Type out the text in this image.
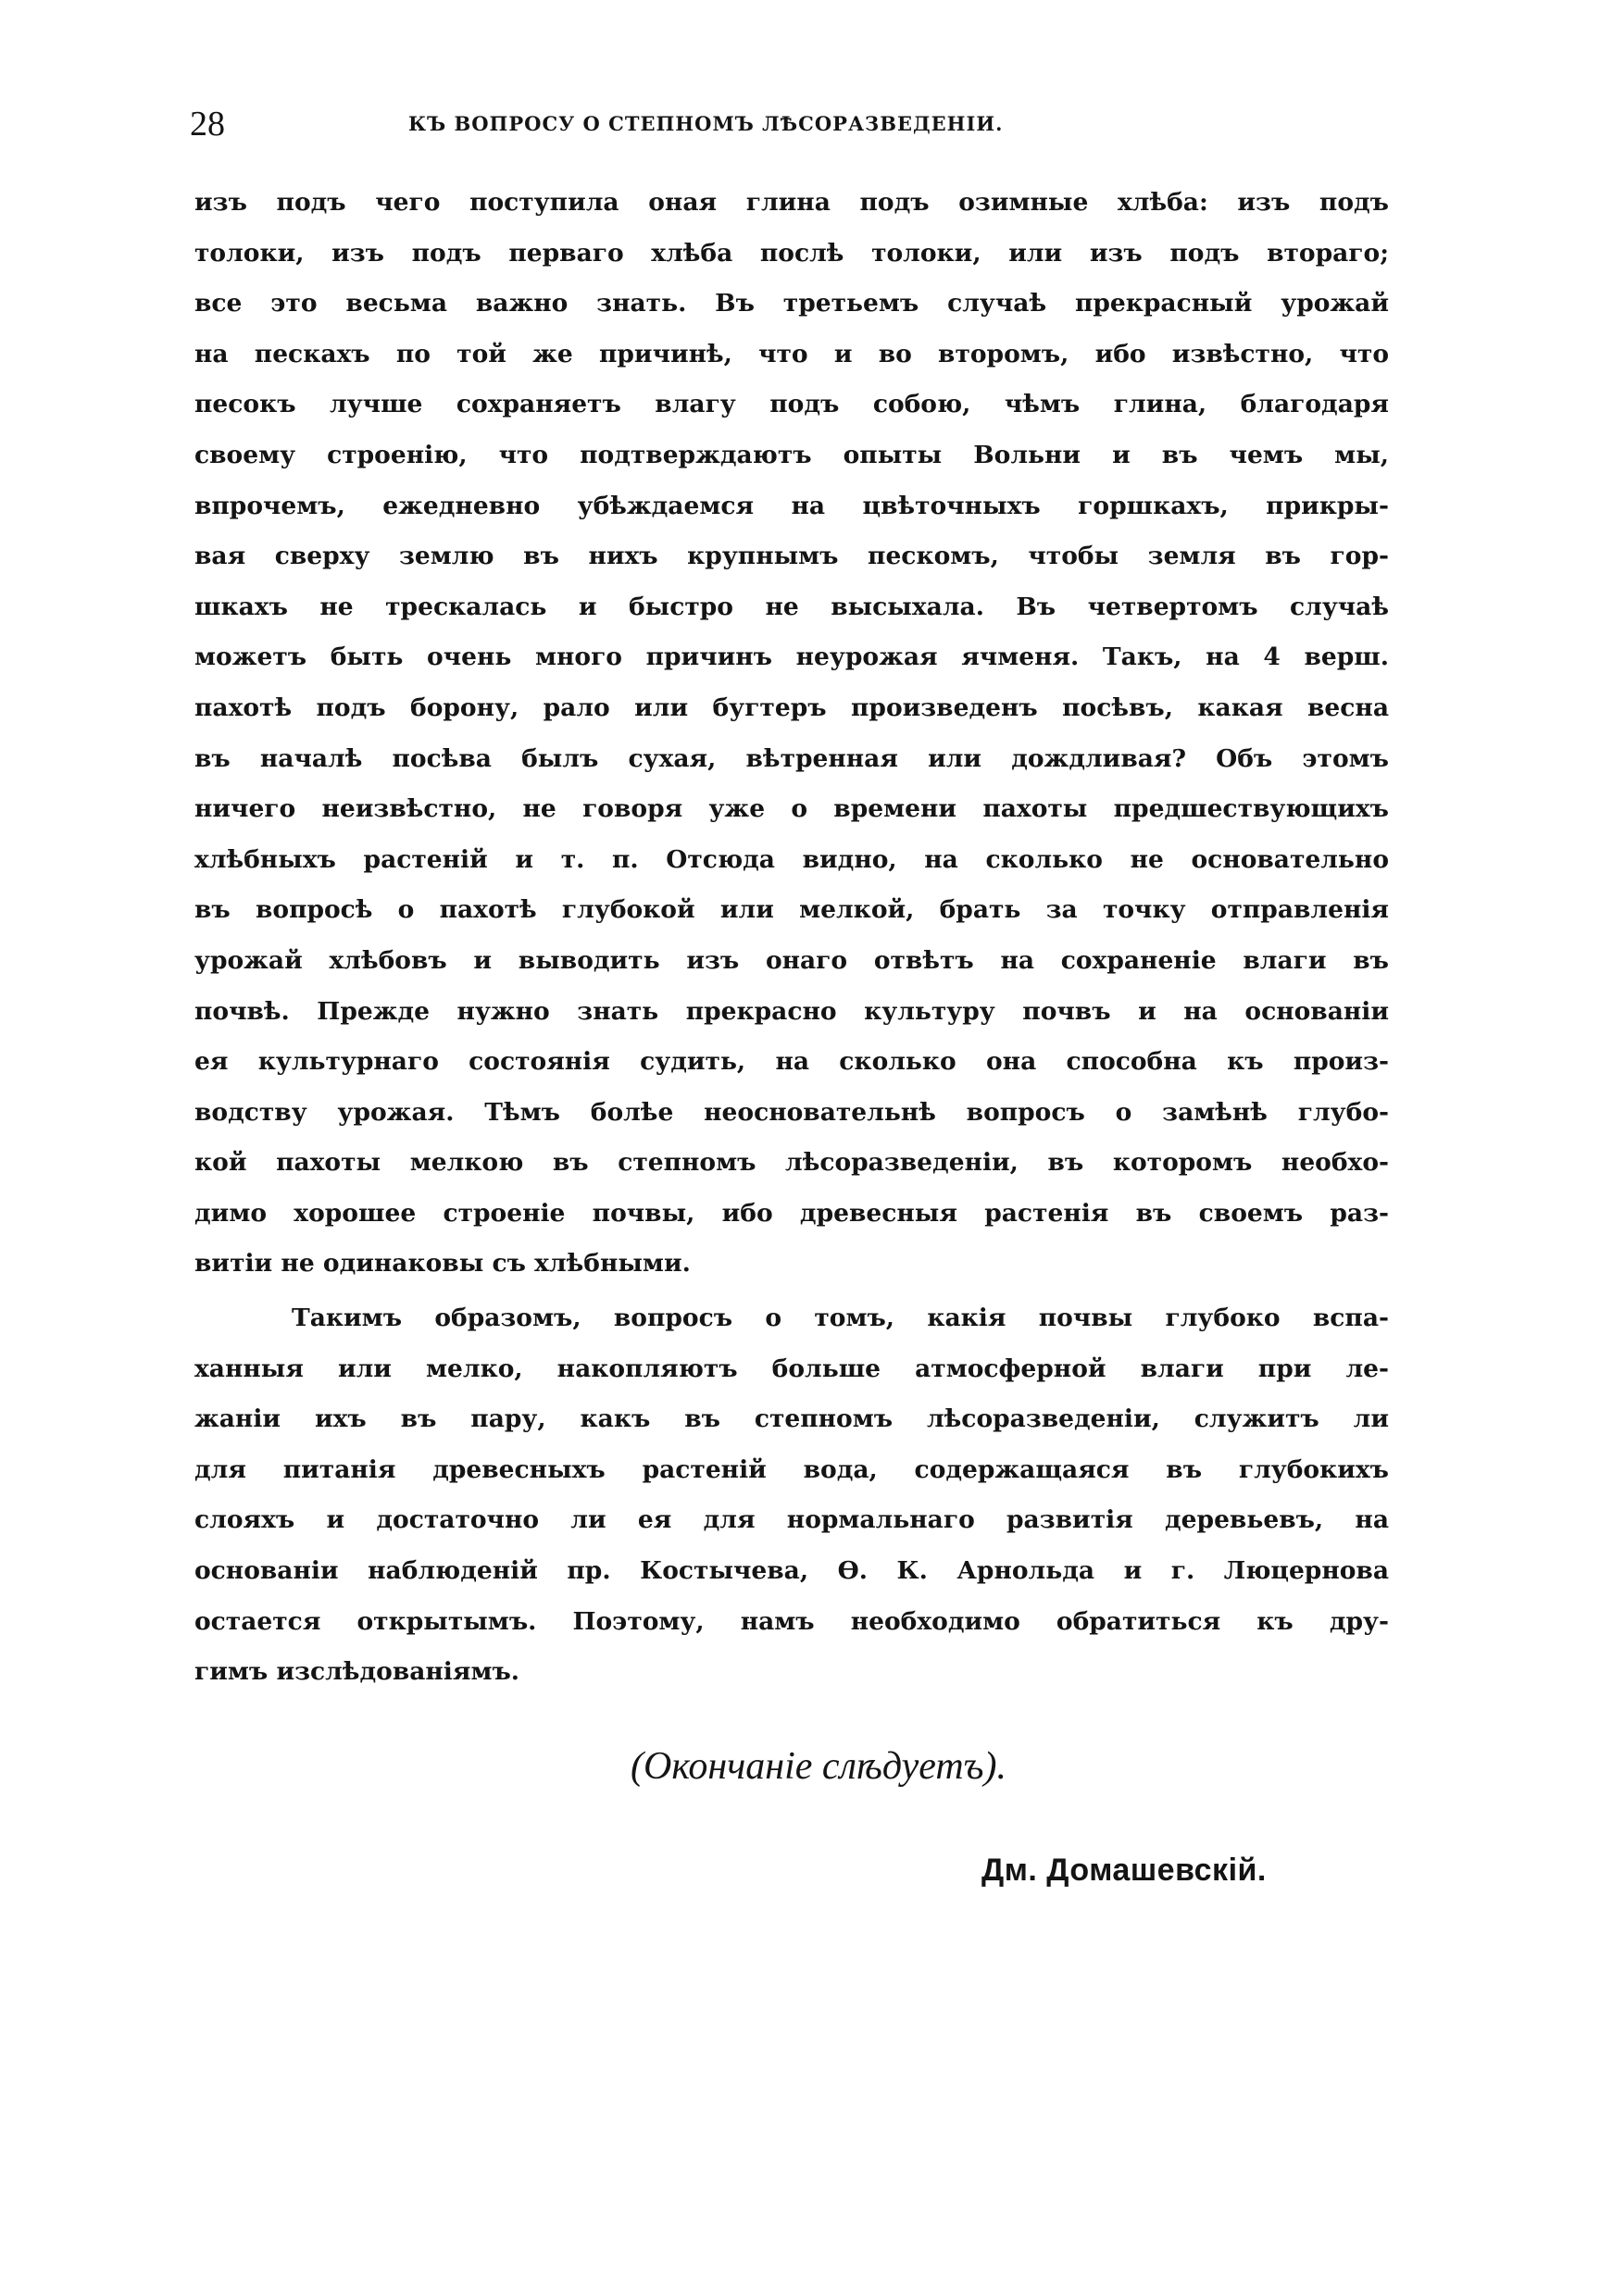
28	КЪ ВОПРОСУ О СТЕПНОМЪ ЛѢСОРАЗВЕДЕНІИ.
изъ подъ чего поступила оная глина подъ озимные хлѣба: изъ подъ
толоки, изъ подъ перваго хлѣба послѣ толоки, или изъ подъ втораго;
все это весьма важно знать. Въ третьемъ случаѣ прекрасный урожай
на пескахъ по той же причинѣ, что и во второмъ, ибо извѣстно, что
песокъ лучше сохраняетъ влагу подъ собою, чѣмъ глина, благодаря
своему строенію, что подтверждаютъ опыты Вольни и въ чемъ мы,
впрочемъ, ежедневно убѣждаемся на цвѣточныхъ горшкахъ, прикры-
вая сверху землю въ нихъ крупнымъ пескомъ, чтобы земля въ гор-
шкахъ не трескалась и быстро не высыхала. Въ четвертомъ случаѣ
можетъ быть очень много причинъ неурожая ячменя. Такъ, на 4 верш.
пахотѣ подъ борону, рало или бугтеръ произведенъ посѣвъ, какая весна
въ началѣ посѣва былъ сухая, вѣтренная или дождливая? Объ этомъ
ничего неизвѣстно, не говоря уже о времени пахоты предшествующихъ
хлѣбныхъ растеній и т. п. Отсюда видно, на сколько не основательно
въ вопросѣ о пахотѣ глубокой или мелкой, брать за точку отправленія
урожай хлѣбовъ и выводить изъ онаго отвѣтъ на сохраненіе влаги въ
почвѣ. Прежде нужно знать прекрасно культуру почвъ и на основаніи
ея культурнаго состоянія судить, на сколько она способна къ произ-
водству урожая. Тѣмъ болѣе неосновательнѣ вопросъ о замѣнѣ глубо-
кой пахоты мелкою въ степномъ лѣсоразведеніи, въ которомъ необхо-
димо хорошее строеніе почвы, ибо древесныя растенія въ своемъ раз-
витіи не одинаковы съ хлѣбными.
Такимъ образомъ, вопросъ о томъ, какія почвы глубоко вспа-
ханныя или мелко, накопляютъ больше атмосферной влаги при ле-
жаніи ихъ въ пару, какъ въ степномъ лѣсоразведеніи, служитъ ли
для питанія древесныхъ растеній вода, содержащаяся въ глубокихъ
слояхъ и достаточно ли ея для нормальнаго развитія деревьевъ, на
основаніи наблюденій пр. Костычева, Ѳ. К. Арнольда и г. Люцернова
остается открытымъ. Поэтому, намъ необходимо обратиться къ дру-
гимъ изслѣдованіямъ.
(Окончаніе слѣдуетъ).
Дм. Домашевскій.
